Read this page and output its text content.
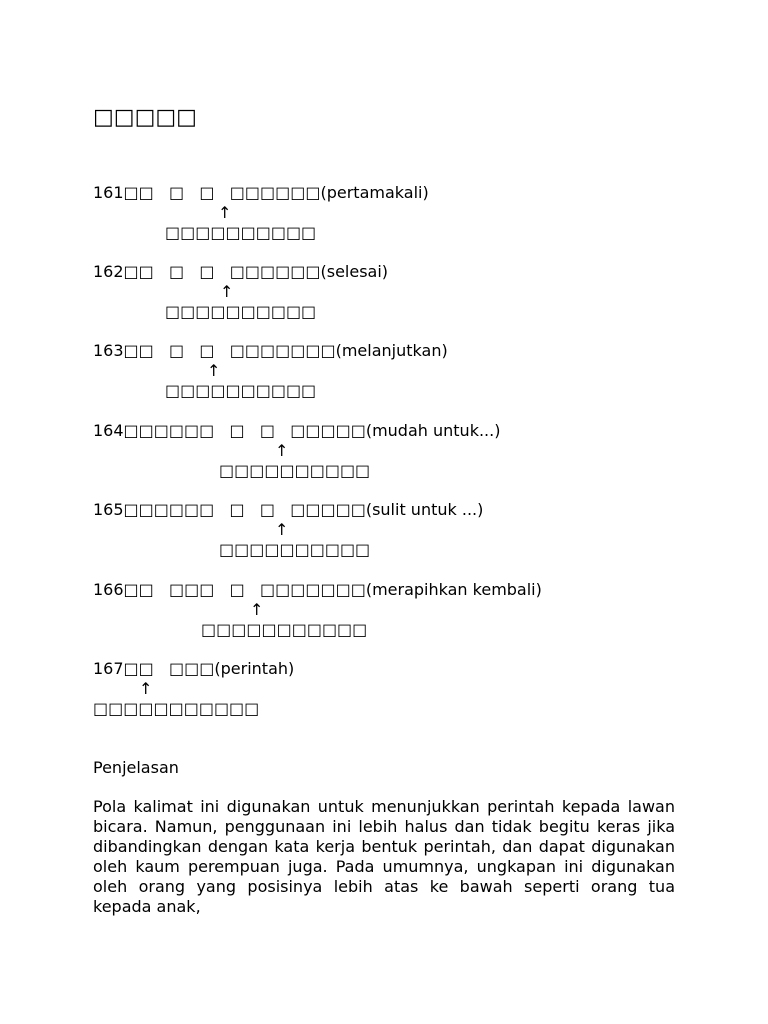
□□□□□
161□□   □   □   □□□□□□(pertamakali)
↑
□□□□□□□□□□
162□□   □   □   □□□□□□(selesai)
↑
□□□□□□□□□□
163□□   □   □   □□□□□□□(melanjutkan)
↑
□□□□□□□□□□
164□□□□□□   □   □   □□□□□(mudah untuk...)
↑
□□□□□□□□□□
165□□□□□□   □   □   □□□□□(sulit untuk ...)
↑
□□□□□□□□□□
166□□   □□□   □   □□□□□□□(merapihkan kembali)
↑
□□□□□□□□□□□
167□□   □□□(perintah)
↑
□□□□□□□□□□□
Penjelasan
Pola kalimat ini digunakan untuk menunjukkan perintah kepada lawan bicara. Namun, penggunaan ini lebih halus dan tidak begitu keras jika dibandingkan dengan kata kerja bentuk perintah, dan dapat digunakan oleh kaum perempuan juga. Pada umumnya, ungkapan ini digunakan oleh orang yang posisinya lebih atas ke bawah seperti orang tua kepada anak,
